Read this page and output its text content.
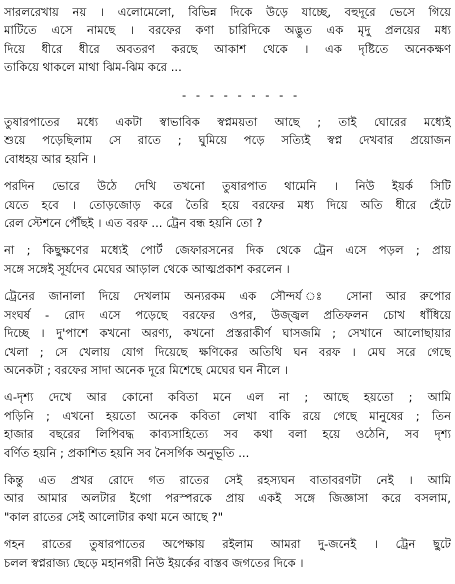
সারলরেখায় নয় । এলোমেলো, বিভিন্ন দিকে উড়ে যাচ্ছে, বহুদূরে ভেসে গিয়ে
মাটিতে এসে নামছে । বরফের কণা চারিদিকে অদ্ভুত এক মৃদু প্রলয়ের মধ্য
দিয়ে ধীরে ধীরে অবতরণ করছে আকাশ থেকে । এক দৃষ্টিতে অনেকক্ষণ
তাকিয়ে থাকলে মাথা ঝিম-ঝিম করে ...
- - - - - - - - -
তুষারপাতের মধ্যে একটা স্বাভাবিক স্বপ্নময়তা আছে ; তাই ঘোরের মধ্যেই
শুয়ে পড়েছিলাম সে রাতে ; ঘুমিয়ে পড়ে সত্যিই স্বপ্ন দেখবার প্রয়োজন
বোধহয় আর হয়নি ।
পরদিন ভোরে উঠে দেখি তখনো তুষারপাত থামেনি । নিউ ইয়র্ক সিটি
যেতে হবে । তোড়জোড় করে তৈরি হয়ে বরফের মধ্য দিয়ে অতি ধীরে হেঁটে
রেল স্টেশনে পৌঁছই । এত বরফ ... ট্রেন বন্ধ হয়নি তো ?
না ; কিছুক্ষণের মধ্যেই পোর্ট জেফারসনের দিক থেকে ট্রেন এসে পড়ল ; প্রায়
সঙ্গে সঙ্গেই সূর্যদেব মেঘের আড়াল থেকে আত্মপ্রকাশ করলেন ।
ট্রেনের জানালা দিয়ে দেখলাম অন্যরকম এক সৌন্দর্য ঃ সোনা আর রুপোর
সংঘর্ষ - রোদ এসে পড়েছে বরফের ওপর, উজ্জ্বল প্রতিফলন চোখ ধাঁধিয়ে
দিচ্ছে । দু'পাশে কখনো অরণ্য, কখনো প্রস্তরাকীর্ণ ঘাসজমি ; সেখানে আলোছায়ার
খেলা ; সে খেলায় যোগ দিয়েছে ক্ষণিকের অতিথি ঘন বরফ । মেঘ সরে গেছে
অনেকটা ; বরফের সাদা অনেক দূরে মিশেছে মেঘের ঘন নীলে ।
এ-দৃশ্য দেখে আর কোনো কবিতা মনে এল না ; আছে হয়তো ; আমি
পড়িনি ; এখনো হয়তো অনেক কবিতা লেখা বাকি রয়ে গেছে মানুষের ; তিন
হাজার বছরের লিপিবদ্ধ কাব্যসাহিত্যে সব কথা বলা হয়ে ওঠেনি, সব দৃশ্য
বর্ণিত হয়নি ; প্রকাশিত হয়নি সব নৈসর্গিক অনুভূতি ...
কিন্তু এত প্রখর রোদে গত রাতের সেই রহস্যঘন বাতাবরণটা নেই । আমি
আর আমার অলটার ইগো পরস্পরকে প্রায় একই সঙ্গে জিজ্ঞাসা করে বসলাম,
"কাল রাতের সেই আলোটার কথা মনে আছে ?"
গহন রাতের তুষারপাতের অপেক্ষায় রইলাম আমরা দু-জনেই । ট্রেন ছুটে
চলল স্বপ্নরাজ্য ছেড়ে মহানগরী নিউ ইয়র্কের বাস্তব জগতের দিকে ।
